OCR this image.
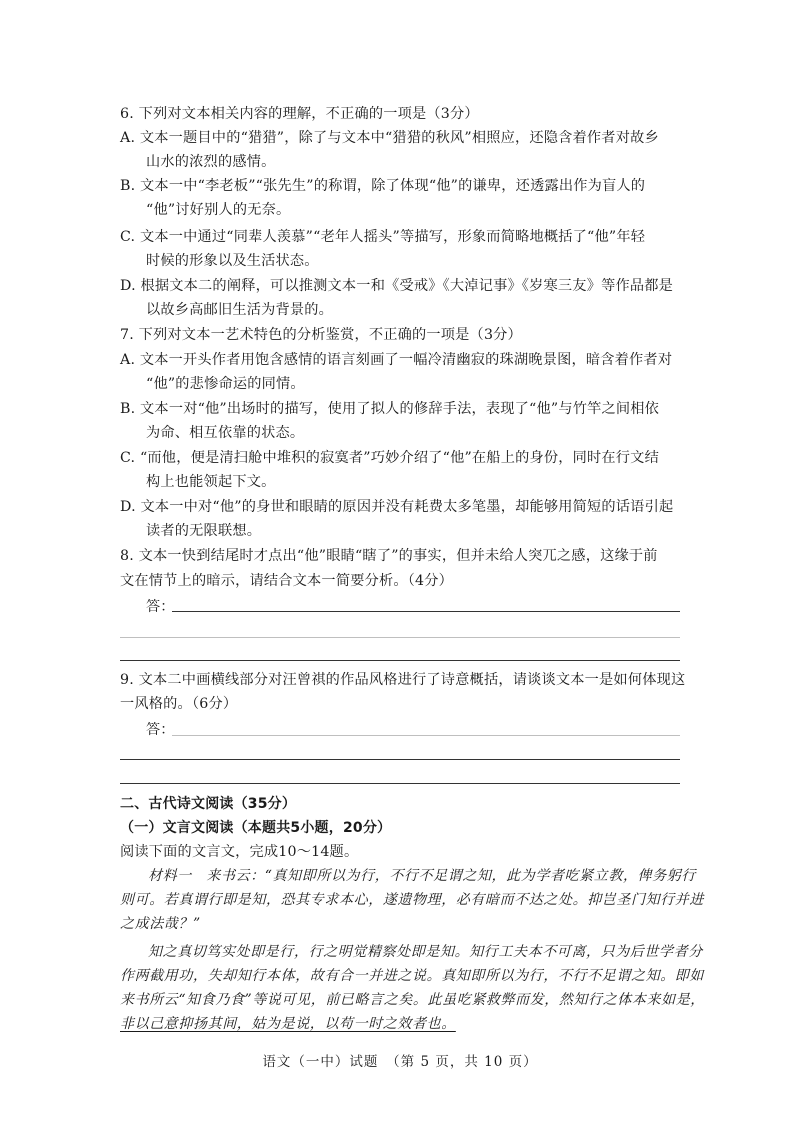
6. 下列对文本相关内容的理解，不正确的一项是（3分）
A. 文本一题目中的“猎猎”，除了与文本中“猎猎的秋风”相照应，还隐含着作者对故乡
山水的浓烈的感情。
B. 文本一中“李老板”“张先生”的称谓，除了体现“他”的谦卑，还透露出作为盲人的
“他”讨好别人的无奈。
C. 文本一中通过“同辈人羡慕”“老年人摇头”等描写，形象而简略地概括了“他”年轻
时候的形象以及生活状态。
D. 根据文本二的阐释，可以推测文本一和《受戒》《大淖记事》《岁寒三友》等作品都是
以故乡高邮旧生活为背景的。
7. 下列对文本一艺术特色的分析鉴赏，不正确的一项是（3分）
A. 文本一开头作者用饱含感情的语言刻画了一幅冷清幽寂的珠湖晚景图，暗含着作者对
“他”的悲惨命运的同情。
B. 文本一对“他”出场时的描写，使用了拟人的修辞手法，表现了“他”与竹竿之间相依
为命、相互依靠的状态。
C. “而他，便是清扫舱中堆积的寂寞者”巧妙介绍了“他”在船上的身份，同时在行文结
构上也能领起下文。
D. 文本一中对“他”的身世和眼睛的原因并没有耗费太多笔墨，却能够用简短的话语引起
读者的无限联想。
8. 文本一快到结尾时才点出“他”眼睛“瞎了”的事实，但并未给人突兀之感，这缘于前
文在情节上的暗示，请结合文本一简要分析。（4分）
答：
9. 文本二中画横线部分对汪曾祺的作品风格进行了诗意概括，请谈谈文本一是如何体现这
一风格的。（6分）
答：
二、古代诗文阅读（35分）
（一）文言文阅读（本题共5小题，20分）
阅读下面的文言文，完成10～14题。
材料一　来书云：“真知即所以为行，不行不足谓之知，此为学者吃紧立教，俾务躬行
则可。若真谓行即是知，恐其专求本心，遂遗物理，必有暗而不达之处。抑岂圣门知行并进
之成法哉？”
知之真切笃实处即是行，行之明觉精察处即是知。知行工夫本不可离，只为后世学者分
作两截用功，失却知行本体，故有合一并进之说。真知即所以为行，不行不足谓之知。即如
来书所云“知食乃食”等说可见，前已略言之矣。此虽吃紧救弊而发，然知行之体本来如是，
非以己意抑扬其间，姑为是说，以苟一时之效者也。
语文（一中）试题　（第 5 页，共 10 页）
